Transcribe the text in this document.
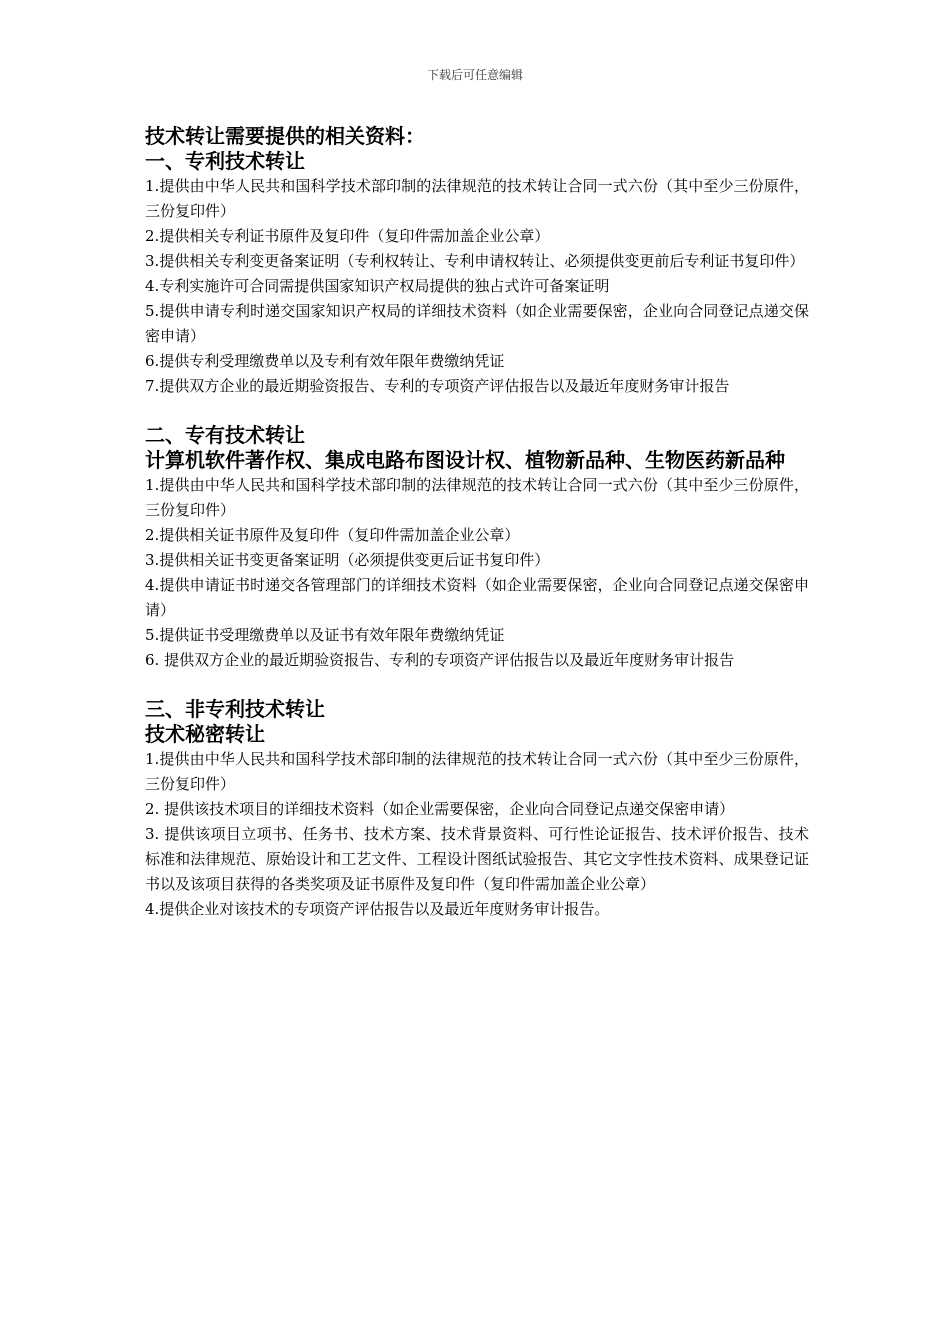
下载后可任意编辑
技术转让需要提供的相关资料：
一、专利技术转让

1.提供由中华人民共和国科学技术部印制的法律规范的技术转让合同一式六份（其中至少三份原件，三份复印件）

2.提供相关专利证书原件及复印件（复印件需加盖企业公章）

3.提供相关专利变更备案证明（专利权转让、专利申请权转让、必须提供变更前后专利证书复印件）

4.专利实施许可合同需提供国家知识产权局提供的独占式许可备案证明

5.提供申请专利时递交国家知识产权局的详细技术资料（如企业需要保密，企业向合同登记点递交保密申请）

6.提供专利受理缴费单以及专利有效年限年费缴纳凭证

7.提供双方企业的最近期验资报告、专利的专项资产评估报告以及最近年度财务审计报告

二、专有技术转让
计算机软件著作权、集成电路布图设计权、植物新品种、生物医药新品种

1.提供由中华人民共和国科学技术部印制的法律规范的技术转让合同一式六份（其中至少三份原件，三份复印件）

2.提供相关证书原件及复印件（复印件需加盖企业公章）

3.提供相关证书变更备案证明（必须提供变更后证书复印件）

4.提供申请证书时递交各管理部门的详细技术资料（如企业需要保密，企业向合同登记点递交保密申请）

5.提供证书受理缴费单以及证书有效年限年费缴纳凭证

6. 提供双方企业的最近期验资报告、专利的专项资产评估报告以及最近年度财务审计报告

三、非专利技术转让
技术秘密转让

1.提供由中华人民共和国科学技术部印制的法律规范的技术转让合同一式六份（其中至少三份原件，三份复印件）

2. 提供该技术项目的详细技术资料（如企业需要保密，企业向合同登记点递交保密申请）

3. 提供该项目立项书、任务书、技术方案、技术背景资料、可行性论证报告、技术评价报告、技术标准和法律规范、原始设计和工艺文件、工程设计图纸试验报告、其它文字性技术资料、成果登记证书以及该项目获得的各类奖项及证书原件及复印件（复印件需加盖企业公章）

4.提供企业对该技术的专项资产评估报告以及最近年度财务审计报告。
